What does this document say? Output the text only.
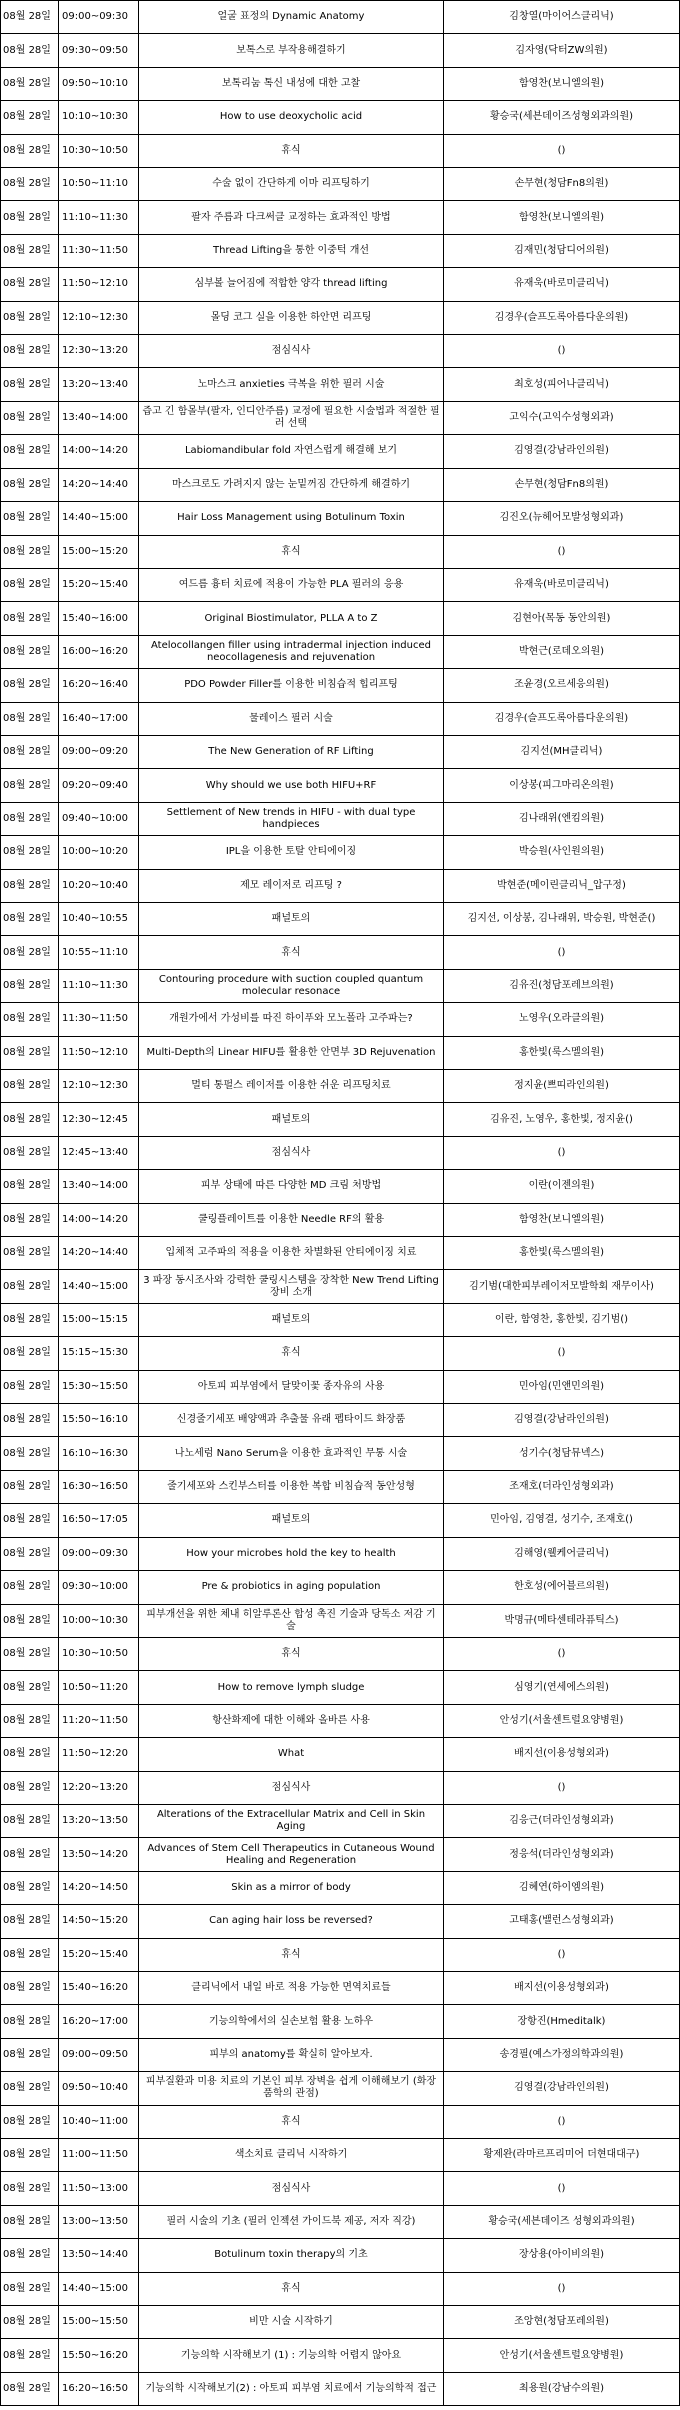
08월 28일	09:00~09:30	얼굴 표정의 Dynamic Anatomy	김창열(마이어스클리닉)
08월 28일	09:30~09:50	보톡스로 부작용해결하기	김자영(닥터ZW의원)
08월 28일	09:50~10:10	보톡리눔 톡신 내성에 대한 고찰	함영찬(보니엘의원)
08월 28일	10:10~10:30	How to use deoxycholic acid	황승국(세븐데이즈성형외과의원)
08월 28일	10:30~10:50	휴식	()
08월 28일	10:50~11:10	수술 없이 간단하게 이마 리프팅하기	손무현(청담Fn8의원)
08월 28일	11:10~11:30	팔자 주름과 다크써클 교정하는 효과적인 방법	함영찬(보니엘의원)
08월 28일	11:30~11:50	Thread Lifting을 통한 이중턱 개선	김재민(청담디어의원)
08월 28일	11:50~12:10	심부볼 늘어짐에 적합한 양각 thread lifting	유재욱(바로미클리닉)
08월 28일	12:10~12:30	몰딩 코그 실을 이용한 하안면 리프팅	김경우(슬프도록아름다운의원)
08월 28일	12:30~13:20	점심식사	()
08월 28일	13:20~13:40	노마스크 anxieties 극복을 위한 필러 시술	최호성(피어나클리닉)
08월 28일	13:40~14:00	즙고 긴 함몰부(팔자, 인디안주름) 교정에 필요한 시술법과 적절한 필러 선택	고익수(고익수성형외과)
08월 28일	14:00~14:20	Labiomandibular fold 자연스럽게 해결해 보기	김영결(강남라인의원)
08월 28일	14:20~14:40	마스크로도 가려지지 않는 눈밑꺼짐 간단하게 해결하기	손무현(청담Fn8의원)
08월 28일	14:40~15:00	Hair Loss Management using Botulinum Toxin	김진오(뉴헤어모발성형외과)
08월 28일	15:00~15:20	휴식	()
08월 28일	15:20~15:40	여드름 흉터 치료에 적용이 가능한 PLA 필러의 응용	유재욱(바로미클리닉)
08월 28일	15:40~16:00	Original Biostimulator, PLLA A to Z	김현아(목동 동안의원)
08월 28일	16:00~16:20	Atelocollangen filler using intradermal injection induced neocollagenesis and rejuvenation	박현근(로데오의원)
08월 28일	16:20~16:40	PDO Powder Filler를 이용한 비침습적 힙리프팅	조윤경(오르세응의원)
08월 28일	16:40~17:00	물레이스 필러 시술	김경우(슬프도록아름다운의원)
08월 28일	09:00~09:20	The New Generation of RF Lifting	김지선(MH클리닉)
08월 28일	09:20~09:40	Why should we use both HIFU+RF	이상봉(피그마리온의원)
08월 28일	09:40~10:00	Settlement of New trends in HIFU - with dual type handpieces	김나래위(엔킴의원)
08월 28일	10:00~10:20	IPL을 이용한 토탈 안티에이징	박승원(사인원의원)
08월 28일	10:20~10:40	제모 레이저로 리프팅 ?	박현준(메이린클리닉_압구정)
08월 28일	10:40~10:55	패널토의	김지선, 이상봉, 김나래위, 박승원, 박현준()
08월 28일	10:55~11:10	휴식	()
08월 28일	11:10~11:30	Contouring procedure with suction coupled quantum molecular resonace	김유진(청담포레브의원)
08월 28일	11:30~11:50	개원가에서 가성비를 따진 하이푸와 모노폴라 고주파는?	노영우(오라클의원)
08월 28일	11:50~12:10	Multi-Depth의 Linear HIFU를 활용한 안면부 3D Rejuvenation	홍한빛(룩스멜의원)
08월 28일	12:10~12:30	멀티 통펄스 레이저를 이용한 쉬운 리프팅치료	정지윤(쁘띠라인의원)
08월 28일	12:30~12:45	패널토의	김유진, 노영우, 홍한빛, 정지윤()
08월 28일	12:45~13:40	점심식사	()
08월 28일	13:40~14:00	피부 상태에 따른 다양한 MD 크림 처방법	이란(이젠의원)
08월 28일	14:00~14:20	쿨링플레이트를 이용한 Needle RF의 활용	함영찬(보니엘의원)
08월 28일	14:20~14:40	입체적 고주파의 적용을 이용한 차별화된 안티에이징 치료	홍한빛(룩스멜의원)
08월 28일	14:40~15:00	3 파장 동시조사와 강력한 쿨링시스템을 장착한 New Trend Lifting 장비 소개	김기범(대한피부레이저모발학회 재무이사)
08월 28일	15:00~15:15	패널토의	이란, 함영찬, 홍한빛, 김기범()
08월 28일	15:15~15:30	휴식	()
08월 28일	15:30~15:50	아토피 피부염에서 달맞이꽃 종자유의 사용	민아임(민앤민의원)
08월 28일	15:50~16:10	신경줄기세포 배양액과 추출물 유래 펩타이드 화장품	김영결(강남라인의원)
08월 28일	16:10~16:30	나노세럼 Nano Serum을 이용한 효과적인 무통 시술	성기수(청담뮤넥스)
08월 28일	16:30~16:50	줄기세포와 스킨부스터를 이용한 복합 비침습적 동안성형	조재호(더라인성형외과)
08월 28일	16:50~17:05	패널토의	민아임, 김영결, 성기수, 조재호()
08월 28일	09:00~09:30	How your microbes hold the key to health	김해영(웰케어클리닉)
08월 28일	09:30~10:00	Pre & probiotics in aging population	한호성(에어블르의원)
08월 28일	10:00~10:30	피부개선을 위한 체내 히알루론산 합성 촉진 기술과 당독소 저감 기술	박명규(메타센테라퓨틱스)
08월 28일	10:30~10:50	휴식	()
08월 28일	10:50~11:20	How to remove lymph sludge	심영기(연세에스의원)
08월 28일	11:20~11:50	항산화제에 대한 이해와 올바른 사용	안성기(서울센트럴요양병원)
08월 28일	11:50~12:20	What	배지선(이용성형외과)
08월 28일	12:20~13:20	점심식사	()
08월 28일	13:20~13:50	Alterations of the Extracellular Matrix and Cell in Skin Aging	김응근(더라인성형외과)
08월 28일	13:50~14:20	Advances of Stem Cell Therapeutics in Cutaneous Wound Healing and Regeneration	정응석(더라인성형외과)
08월 28일	14:20~14:50	Skin as a mirror of body	김혜연(하이엠의원)
08월 28일	14:50~15:20	Can aging hair loss be reversed?	고태홍(밸런스성형외과)
08월 28일	15:20~15:40	휴식	()
08월 28일	15:40~16:20	클리닉에서 내일 바로 적용 가능한 면역치료들	배지선(이용성형외과)
08월 28일	16:20~17:00	기능의학에서의 실손보험 활용 노하우	장항진(Hmeditalk)
08월 28일	09:00~09:50	피부의 anatomy를 확실히 알아보자.	송경필(예스가정의학과의원)
08월 28일	09:50~10:40	피부질환과 미용 치료의 기본인 피부 장벽을 쉽게 이해해보기 (화장품학의 관점)	김영결(강남라인의원)
08월 28일	10:40~11:00	휴식	()
08월 28일	11:00~11:50	색소치료 클리닉 시작하기	황제완(라마르프리미어 더현대대구)
08월 28일	11:50~13:00	점심식사	()
08월 28일	13:00~13:50	필러 시술의 기초 (필러 인젝션 가이드북 제공, 저자 직강)	황승국(세븐데이즈 성형외과의원)
08월 28일	13:50~14:40	Botulinum toxin therapy의 기초	장상용(아이비의원)
08월 28일	14:40~15:00	휴식	()
08월 28일	15:00~15:50	비만 시술 시작하기	조앙현(청담포레의원)
08월 28일	15:50~16:20	기능의학 시작해보기 (1) : 기능의학 어렵지 않아요	안성기(서울센트럴요양병원)
08월 28일	16:20~16:50	기능의학 시작해보기(2) : 아토피 피부염 치료에서 기능의학적 접근	최용원(강남수의원)
